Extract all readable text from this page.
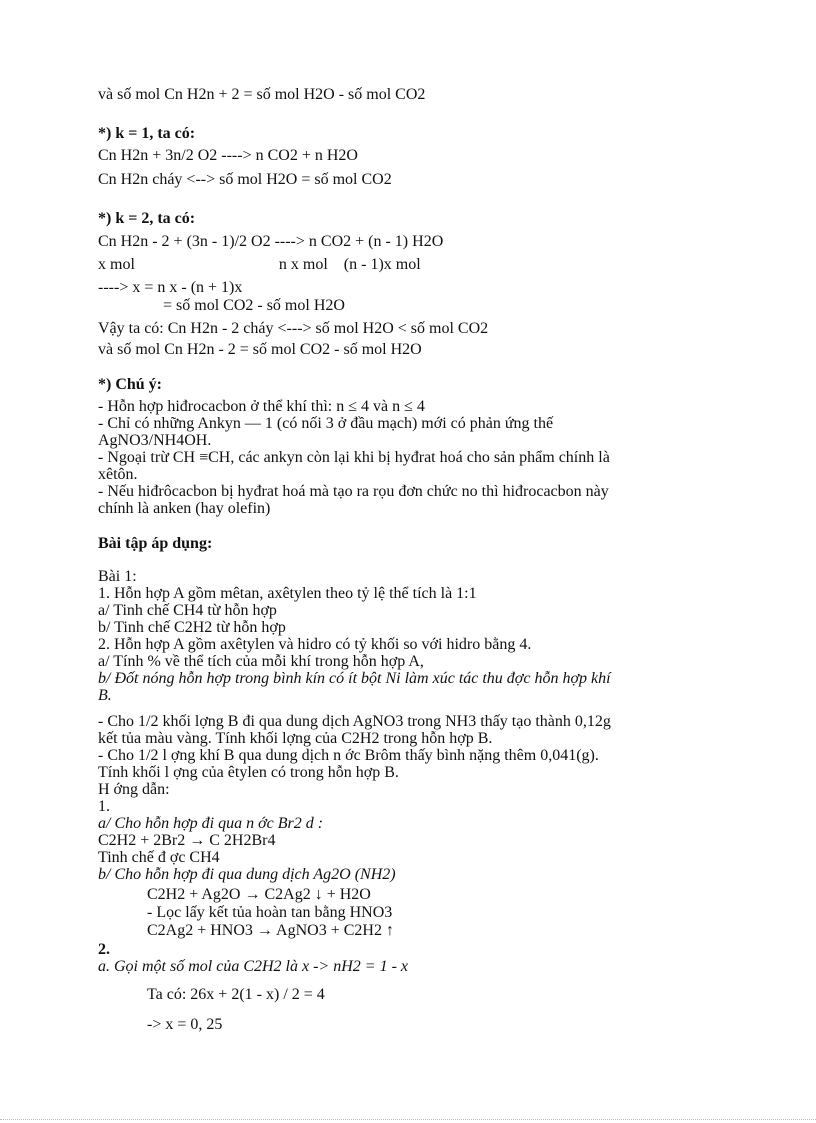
và số mol Cn H2n + 2 = số mol H2O - số mol CO2
*) k = 1, ta có:
Cn H2n + 3n/2 O2 ----> n CO2 + n H2O
Cn H2n cháy <--> số mol H2O = số mol CO2
*) k = 2, ta có:
Cn H2n - 2 + (3n - 1)/2 O2 ----> n CO2 + (n - 1) H2O
x mol                                    n x mol    (n - 1)x mol
----> x = n x - (n + 1)x
= số mol CO2 - số mol H2O
Vậy ta có: Cn H2n - 2 cháy <---> số mol H2O < số mol CO2
và số mol Cn H2n - 2 = số mol CO2 - số mol H2O
*) Chú ý:
- Hỗn hợp hiđrocacbon ở thể khí thì: n ≤ 4 và n ≤ 4
- Chỉ có những Ankyn — 1 (có nối 3 ở đầu mạch) mới có phản ứng thế
AgNO3/NH4OH.
- Ngoại trừ CH ≡CH, các ankyn còn lại khi bị hyđrat hoá cho sản phẩm chính là
xêtôn.
- Nếu hiđrôcacbon bị hyđrat hoá mà tạo ra rọu đơn chức no thì hiđrocacbon này
chính là anken (hay olefin)
Bài tập áp dụng:
Bài 1:
1. Hỗn hợp A gồm mêtan, axêtylen theo tỷ lệ thể tích là 1:1
a/ Tinh chế CH4 từ hỗn hợp
b/ Tinh chế C2H2 từ hỗn hợp
2. Hỗn hợp A gồm axêtylen và hidro có tỷ khối so với hidro bằng 4.
a/ Tính % về thể tích của mỗi khí trong hỗn hợp A,
b/ Đốt nóng hỗn hợp trong bình kín có ít bột Ni làm xúc tác thu đợc hỗn hợp khí
B.
- Cho 1/2 khối lợng B đi qua dung dịch AgNO3 trong NH3 thấy tạo thành 0,12g
kết tủa màu vàng. Tính khối lợng của C2H2 trong hỗn hợp B.
- Cho 1/2 l ợng khí B qua dung dịch n ớc Brôm thấy bình nặng thêm 0,041(g).
Tính khối l ợng của êtylen có trong hỗn hợp B.
H ớng dẫn:
1.
a/ Cho hỗn hợp đi qua n ớc Br2 d :
C2H2 + 2Br2 → C 2H2Br4
Tinh chế đ ợc CH4
b/ Cho hỗn hợp đi qua dung dịch Ag2O (NH2)
C2H2 + Ag2O → C2Ag2 ↓ + H2O
- Lọc lấy kết tủa hoàn tan bằng HNO3
C2Ag2 + HNO3 → AgNO3 + C2H2 ↑
2.
a. Gọi một số mol của C2H2 là x -> nH2 = 1 - x
Ta có: 26x + 2(1 - x) / 2 = 4
-> x = 0, 25
